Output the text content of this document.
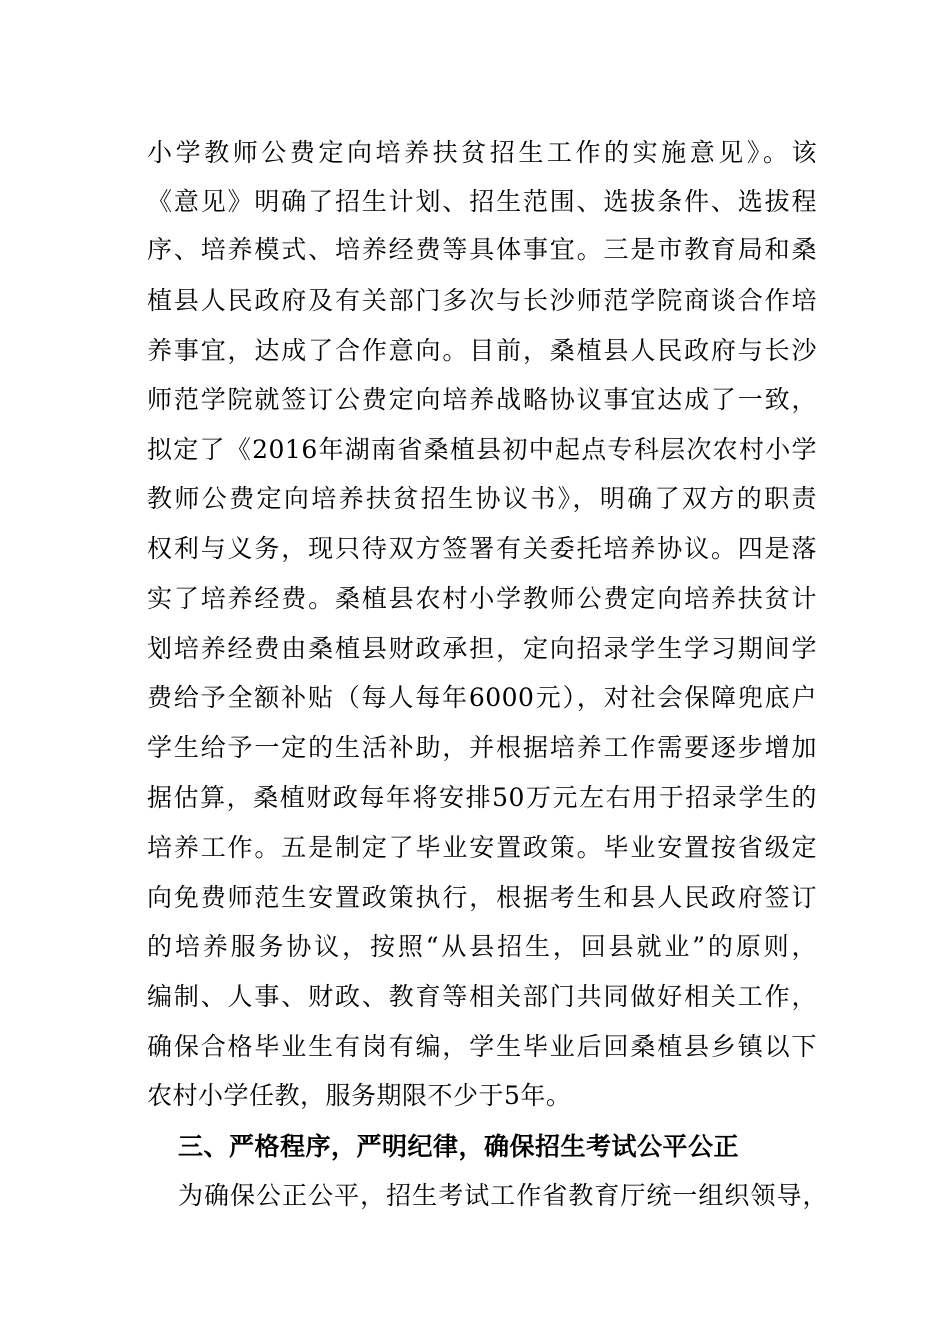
小学教师公费定向培养扶贫招生工作的实施意见》。该
《意见》明确了招生计划、招生范围、选拔条件、选拔程
序、培养模式、培养经费等具体事宜。三是市教育局和桑
植县人民政府及有关部门多次与长沙师范学院商谈合作培
养事宜，达成了合作意向。目前，桑植县人民政府与长沙
师范学院就签订公费定向培养战略协议事宜达成了一致，
拟定了《2016年湖南省桑植县初中起点专科层次农村小学
教师公费定向培养扶贫招生协议书》，明确了双方的职责
权利与义务，现只待双方签署有关委托培养协议。四是落
实了培养经费。桑植县农村小学教师公费定向培养扶贫计
划培养经费由桑植县财政承担，定向招录学生学习期间学
费给予全额补贴（每人每年6000元），对社会保障兜底户
学生给予一定的生活补助，并根据培养工作需要逐步增加
据估算，桑植财政每年将安排50万元左右用于招录学生的
培养工作。五是制定了毕业安置政策。毕业安置按省级定
向免费师范生安置政策执行，根据考生和县人民政府签订
的培养服务协议，按照“从县招生，回县就业”的原则，
编制、人事、财政、教育等相关部门共同做好相关工作，
确保合格毕业生有岗有编，学生毕业后回桑植县乡镇以下
农村小学任教，服务期限不少于5年。
三、严格程序，严明纪律，确保招生考试公平公正
为确保公正公平，招生考试工作省教育厅统一组织领导，
